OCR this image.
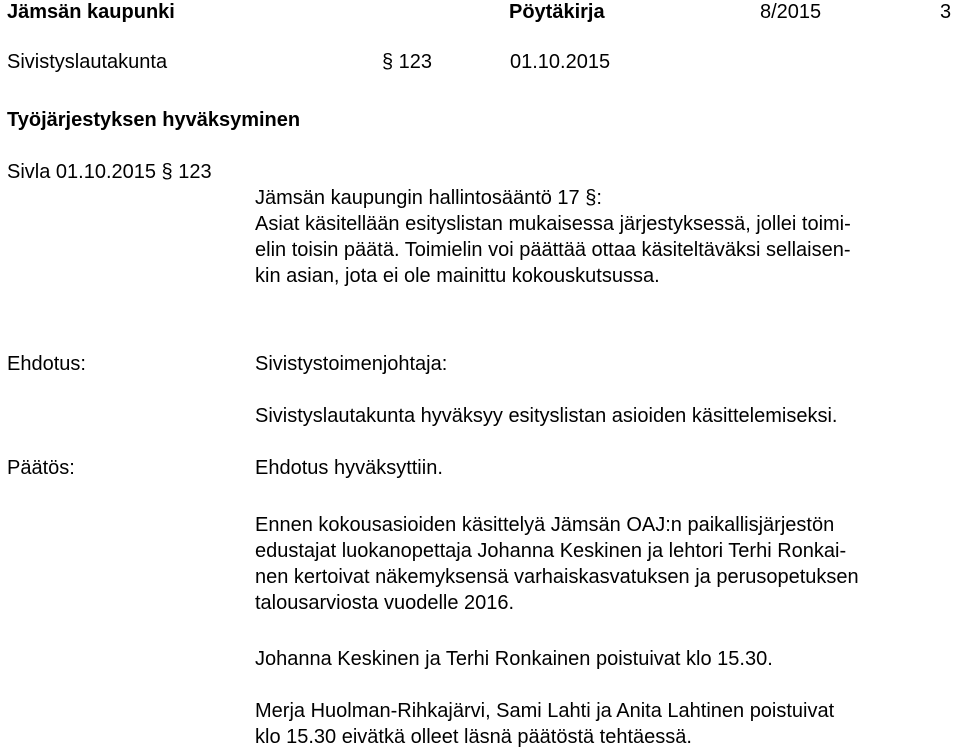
Jämsän kaupunki	Pöytäkirja	8/2015	3
Sivistyslautakunta	§ 123	01.10.2015
Työjärjestyksen hyväksyminen
Sivla 01.10.2015 § 123
Jämsän kaupungin hallintosääntö 17 §:
Asiat käsitellään esityslistan mukaisessa järjestyksessä, jollei toimi-
elin toisin päätä. Toimielin voi päättää ottaa käsiteltäväksi sellaisen-
kin asian, jota ei ole mainittu kokouskutsussa.
Ehdotus:	Sivistystoimenjohtaja:
Sivistyslautakunta hyväksyy esityslistan asioiden käsittelemiseksi.
Päätös:	Ehdotus hyväksyttiin.
Ennen kokousasioiden käsittelyä Jämsän OAJ:n paikallisjärjestön
edustajat luokanopettaja Johanna Keskinen ja lehtori Terhi Ronkai-
nen kertoivat näkemyksensä varhaiskasvatuksen ja perusopetuksen
talousarviosta vuodelle 2016.
Johanna Keskinen ja Terhi Ronkainen poistuivat klo 15.30.
Merja Huolman-Rihkajärvi, Sami Lahti ja Anita Lahtinen poistuivat
klo 15.30 eivätkä olleet läsnä päätöstä tehtäessä.
